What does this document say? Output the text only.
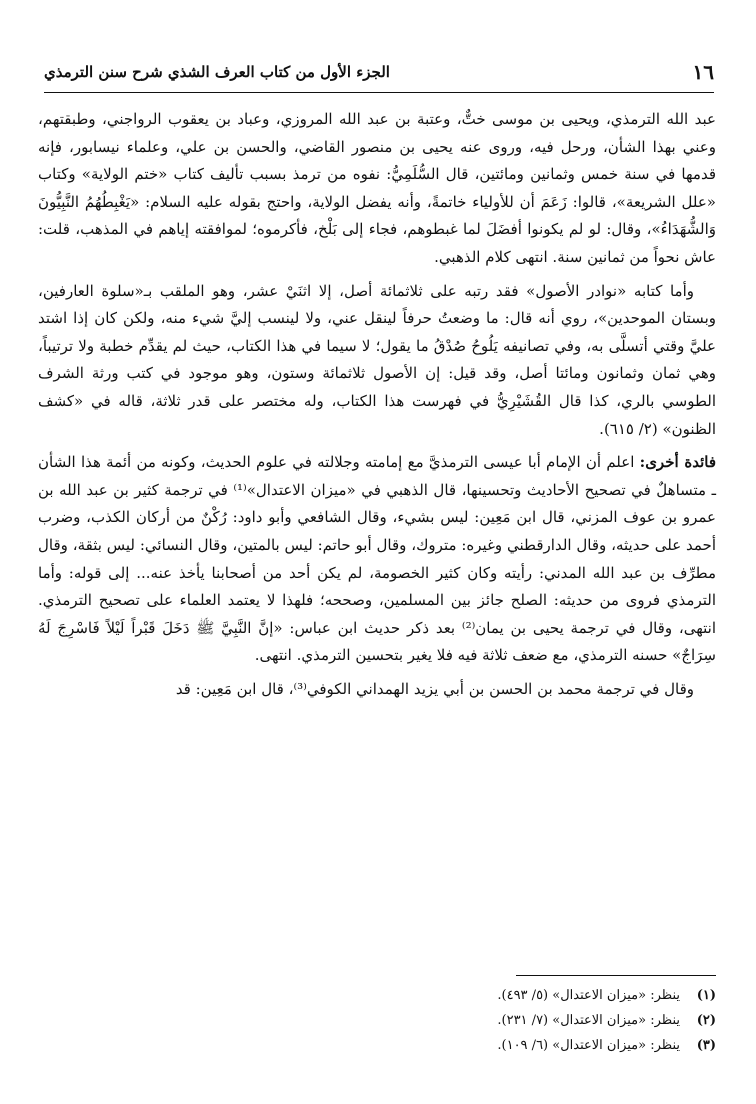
١٦
الجزء الأول من كتاب العرف الشذي شرح سنن الترمذي

عبد الله الترمذي، ويحيى بن موسى ختٌّ، وعتبة بن عبد الله المروزي، وعباد بن يعقوب الرواجني، وطبقتهم، وعني بهذا الشأن، ورحل فيه، وروى عنه يحيى بن منصور القاضي، والحسن بن علي، وعلماء نيسابور، فإنه قدمها في سنة خمس وثمانين ومائتين، قال السُّلَمِيُّ: نفوه من ترمذ بسبب تأليف كتاب «ختم الولاية» وكتاب «علل الشريعة»، قالوا: زَعَمَ أن للأولياء خاتمةً، وأنه يفضل الولاية، واحتج بقوله عليه السلام: «يَغْبِطُهُمُ النَّبِيُّونَ وَالشُّهَدَاءُ»، وقال: لو لم يكونوا أفضَلَ لما غبطوهم، فجاء إلى بَلْخ، فأكرموه؛ لموافقته إياهم في المذهب، قلت: عاش نحواً من ثمانين سنة. انتهى كلام الذهبي.

وأما كتابه «نوادر الأصول» فقد رتبه على ثلاثمائة أصل، إلا اثنَيْ عشر، وهو الملقب بـ«سلوة العارفين، وبستان الموحدين»، روي أنه قال: ما وضعتُ حرفاً لينقل عني، ولا لينسب إليَّ شيء منه، ولكن كان إذا اشتد عليَّ وقتي أتسلَّى به، وفي تصانيفه يَلُوحُ صُدْقُ ما يقول؛ لا سيما في هذا الكتاب، حيث لم يقدِّم خطبة ولا ترتيباً، وهي ثمان وثمانون ومائتا أصل، وقد قيل: إن الأصول ثلاثمائة وستون، وهو موجود في كتب ورثة الشرف الطوسي بالري، كذا قال القُشَيْرِيُّ في فهرست هذا الكتاب، وله مختصر على قدر ثلاثة، قاله في «كشف الظنون» (٢/ ٦١٥).

فائدة أخرى: اعلم أن الإمام أبا عيسى الترمذيَّ مع إمامته وجلالته في علوم الحديث، وكونه من أئمة هذا الشأن ـ متساهلٌ في تصحيح الأحاديث وتحسينها، قال الذهبي في «ميزان الاعتدال»⁽¹⁾ في ترجمة كثير بن عبد الله بن عمرو بن عوف المزني، قال ابن مَعِين: ليس بشيء، وقال الشافعي وأبو داود: رُكْنٌ من أركان الكذب، وضرب أحمد على حديثه، وقال الدارقطني وغيره: متروك، وقال أبو حاتم: ليس بالمتين، وقال النسائي: ليس بثقة، وقال مطرِّف بن عبد الله المدني: رأيته وكان كثير الخصومة، لم يكن أحد من أصحابنا يأخذ عنه... إلى قوله: وأما الترمذي فروى من حديثه: الصلح جائز بين المسلمين، وصححه؛ فلهذا لا يعتمد العلماء على تصحيح الترمذي. انتهى، وقال في ترجمة يحيى بن يمان⁽²⁾ بعد ذكر حديث ابن عباس: «إنَّ النَّبِيَّ ﷺ دَخَلَ قَبْراً لَيْلاً فَاسْرِجَ لَهُ سِرَاجٌ» حسنه الترمذي، مع ضعف ثلاثة فيه فلا يغير بتحسين الترمذي. انتهى.

وقال في ترجمة محمد بن الحسن بن أبي يزيد الهمداني الكوفي⁽³⁾، قال ابن مَعِين: قد

(١)
ينظر: «ميزان الاعتدال» (٥/ ٤٩٣).
(٢)
ينظر: «ميزان الاعتدال» (٧/ ٢٣١).
(٣)
ينظر: «ميزان الاعتدال» (٦/ ١٠٩).
